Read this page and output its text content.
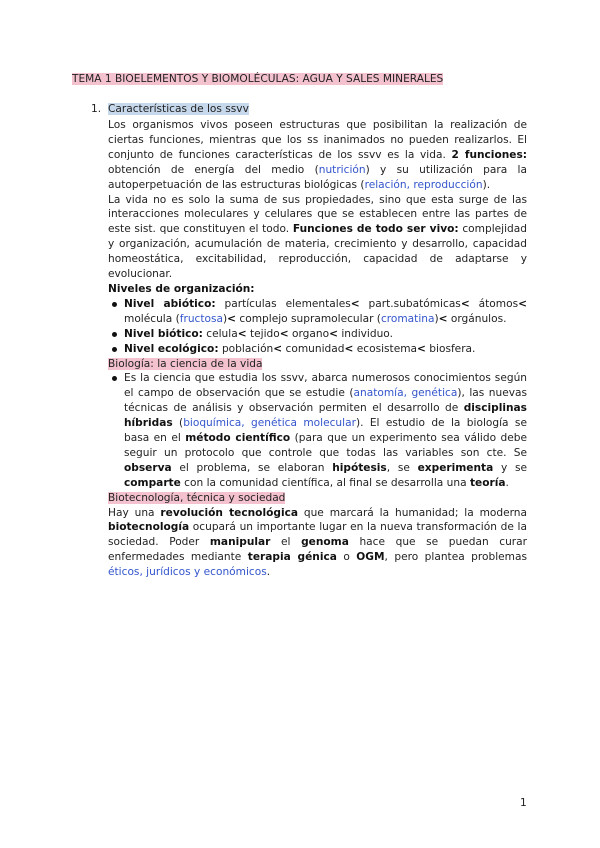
TEMA 1 BIOELEMENTOS Y BIOMOLÉCULAS: AGUA Y SALES MINERALES
1. Características de los ssvv

Los organismos vivos poseen estructuras que posibilitan la realización de ciertas funciones, mientras que los ss inanimados no pueden realizarlos. El conjunto de funciones características de los ssvv es la vida. 2 funciones: obtención de energía del medio (nutrición) y su utilización para la autoperpetuación de las estructuras biológicas (relación, reproducción).

La vida no es solo la suma de sus propiedades, sino que esta surge de las interacciones moleculares y celulares que se establecen entre las partes de este sist. que constituyen el todo. Funciones de todo ser vivo: complejidad y organización, acumulación de materia, crecimiento y desarrollo, capacidad homeostática, excitabilidad, reproducción, capacidad de adaptarse y evolucionar.

Niveles de organización:

Nivel abiótico: partículas elementales< part.subatómicas< átomos< molécula (fructosa)< complejo supramolecular (cromatina)< orgánulos.
Nivel biótico: celula< tejido< organo< individuo.
Nivel ecológico: población< comunidad< ecosistema< biosfera.

Biología: la ciencia de la vida

Es la ciencia que estudia los ssvv, abarca numerosos conocimientos según el campo de observación que se estudie (anatomía, genética), las nuevas técnicas de análisis y observación permiten el desarrollo de disciplinas híbridas (bioquímica, genética molecular). El estudio de la biología se basa en el método científico (para que un experimento sea válido debe seguir un protocolo que controle que todas las variables son cte. Se observa el problema, se elaboran hipótesis, se experimenta y se comparte con la comunidad científica, al final se desarrolla una teoría.

Biotecnología, técnica y sociedad

Hay una revolución tecnológica que marcará la humanidad; la moderna biotecnología ocupará un importante lugar en la nueva transformación de la sociedad. Poder manipular el genoma hace que se puedan curar enfermedades mediante terapia génica o OGM, pero plantea problemas éticos, jurídicos y económicos.

1
